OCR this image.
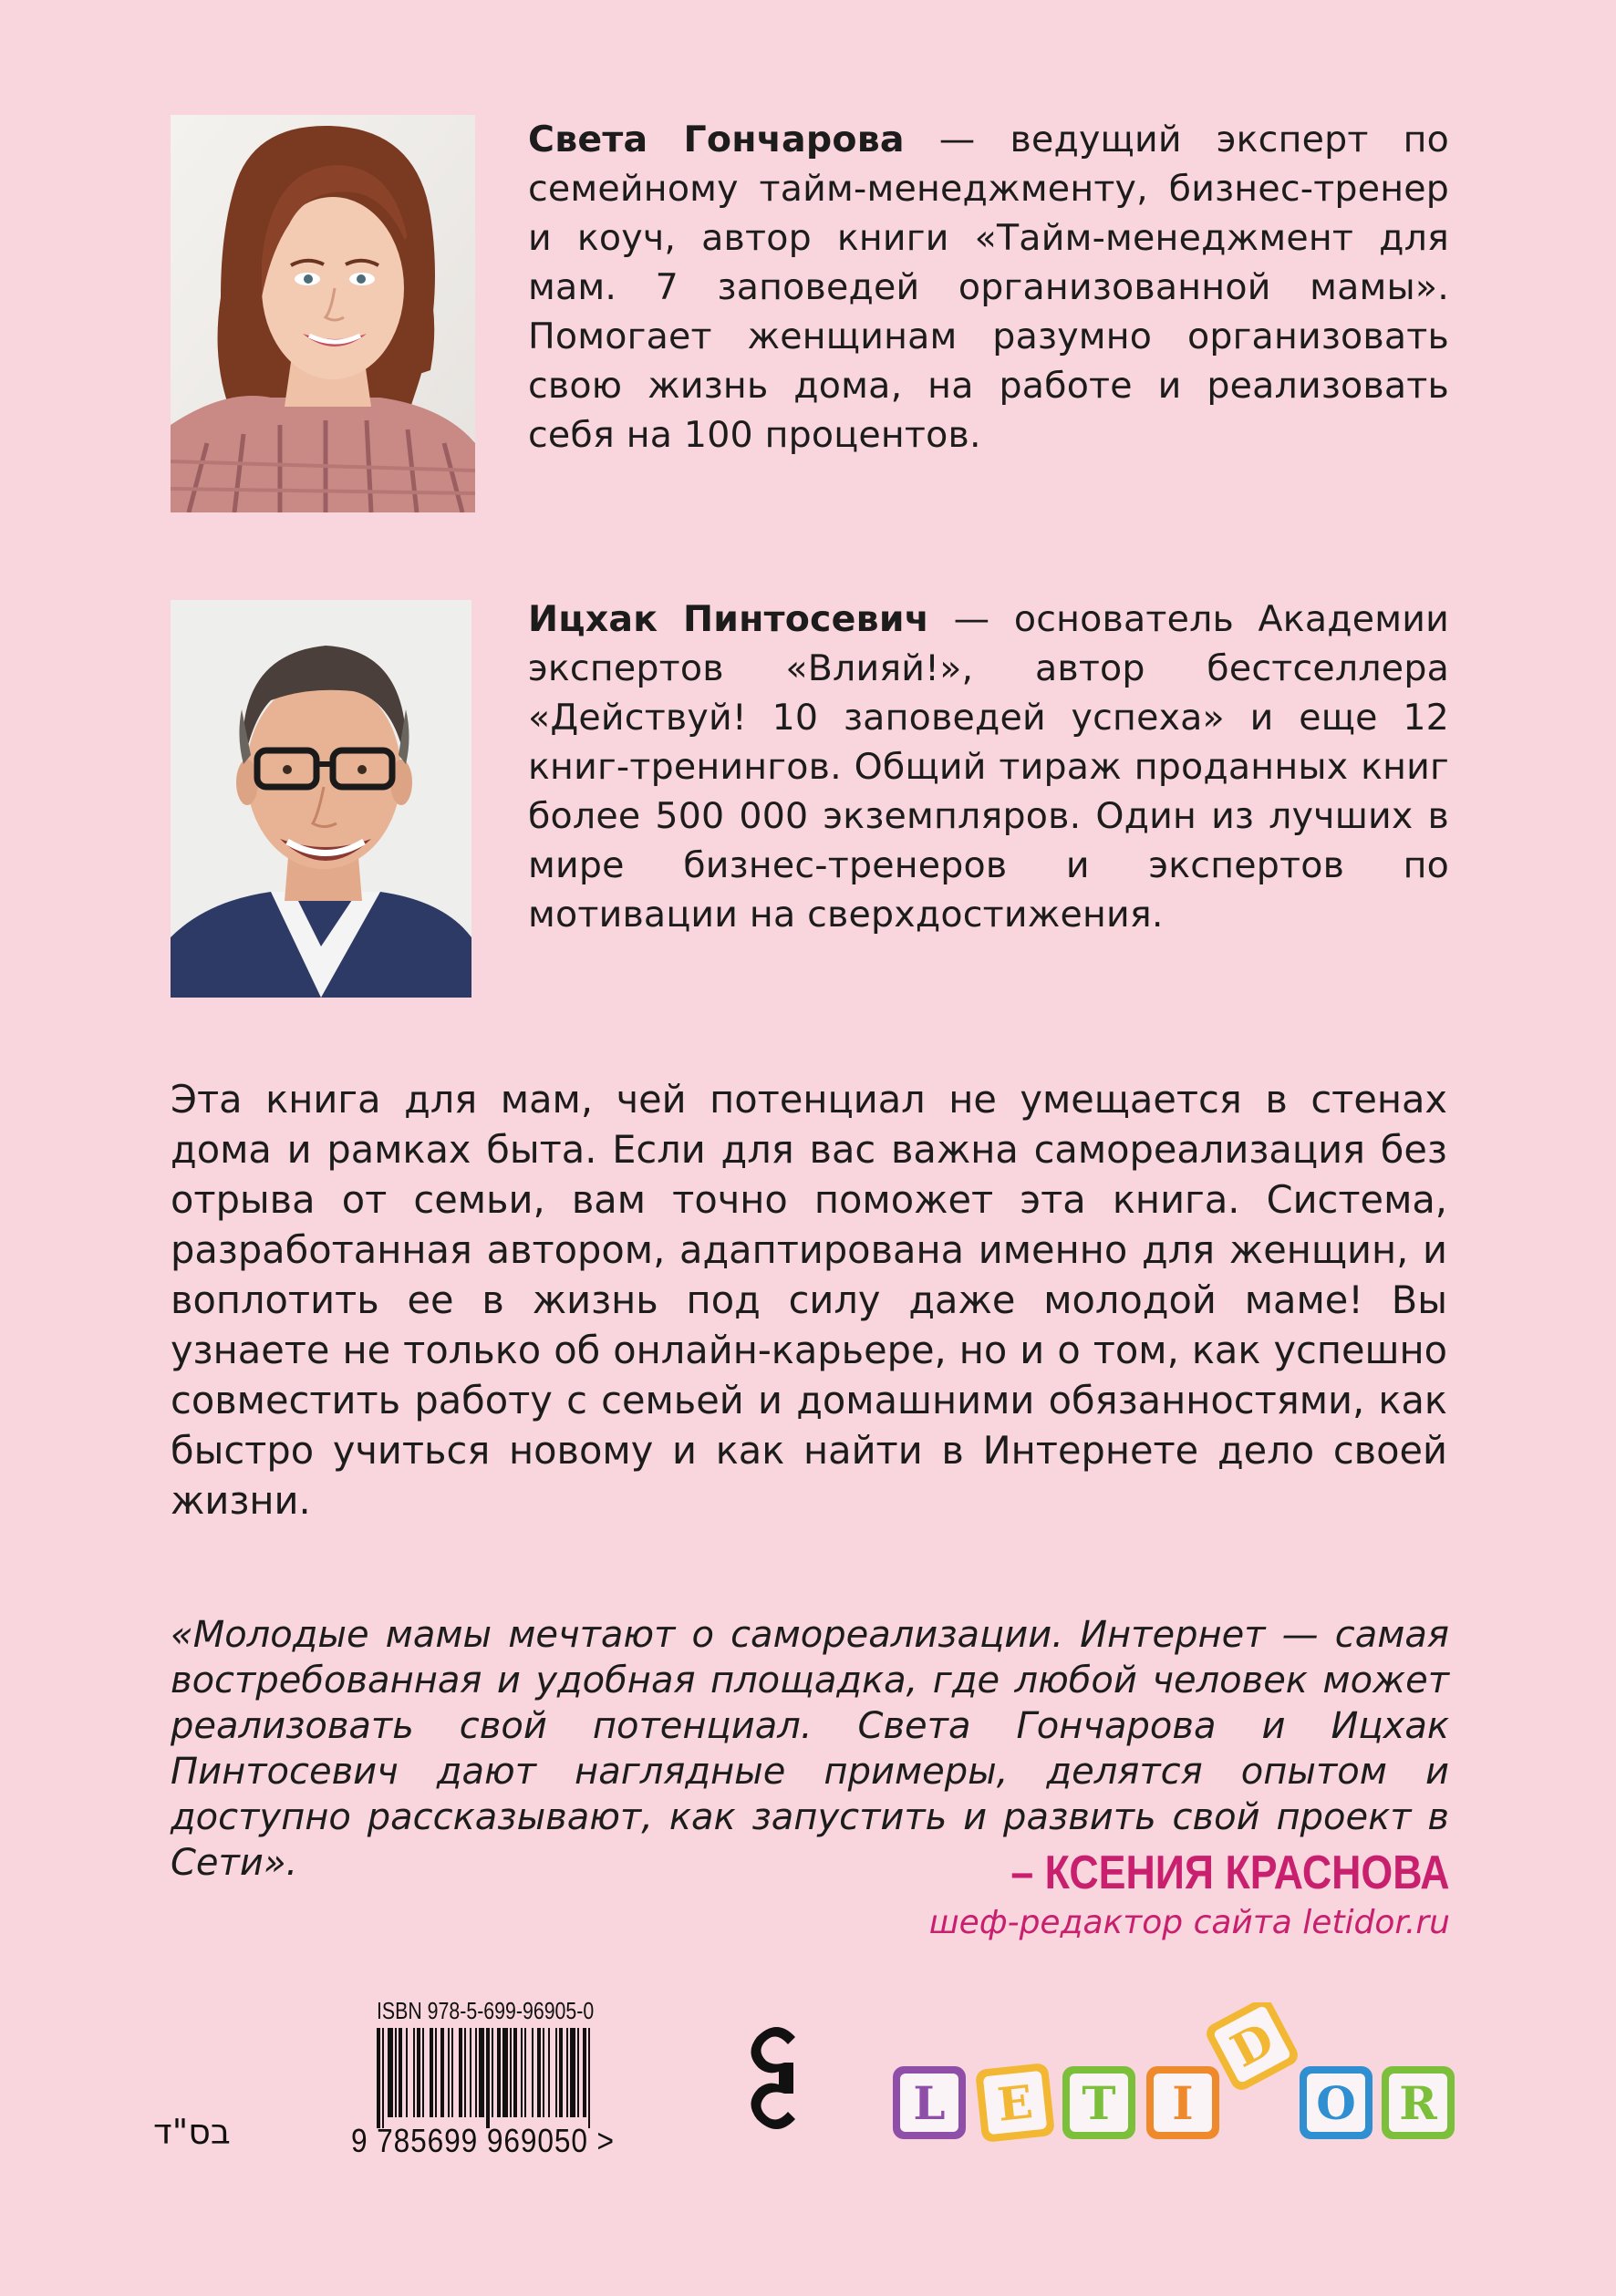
Света Гончарова — ведущий эксперт по семейному тайм-менеджменту, бизнес-тренер и коуч, автор книги «Тайм-менеджмент для мам. 7 заповедей организованной мамы». Помогает женщинам разумно организовать свою жизнь дома, на работе и реализовать себя на 100 процентов.
Ицхак Пинтосевич — основатель Академии экспертов «Влияй!», автор бестселлера «Действуй! 10 заповедей успеха» и еще 12 книг-тренингов. Общий тираж проданных книг более 500 000 экземпляров. Один из лучших в мире бизнес-тренеров и экспертов по мотивации на сверхдостижения.
Эта книга для мам, чей потенциал не умещается в стенах дома и рамках быта. Если для вас важна самореализация без отрыва от семьи, вам точно поможет эта книга. Система, разработанная автором, адаптирована именно для женщин, и воплотить ее в жизнь под силу даже молодой маме! Вы узнаете не только об онлайн-карьере, но и о том, как успешно совместить работу с семьей и домашними обязанностями, как быстро учиться новому и как найти в Интернете дело своей жизни.
«Молодые мамы мечтают о самореализации. Интернет — самая востребованная и удобная площадка, где любой человек может реализовать свой потенциал. Света Гончарова и Ицхак Пинтосевич дают наглядные примеры, делятся опытом и доступно рассказывают, как запустить и развить свой проект в Сети».	– КСЕНИЯ КРАСНОВА
шеф-редактор сайта letidor.ru
ISBN 978-5-699-96905-0
9 785699 969050 >
בס"ד
L E T I
D
O R
